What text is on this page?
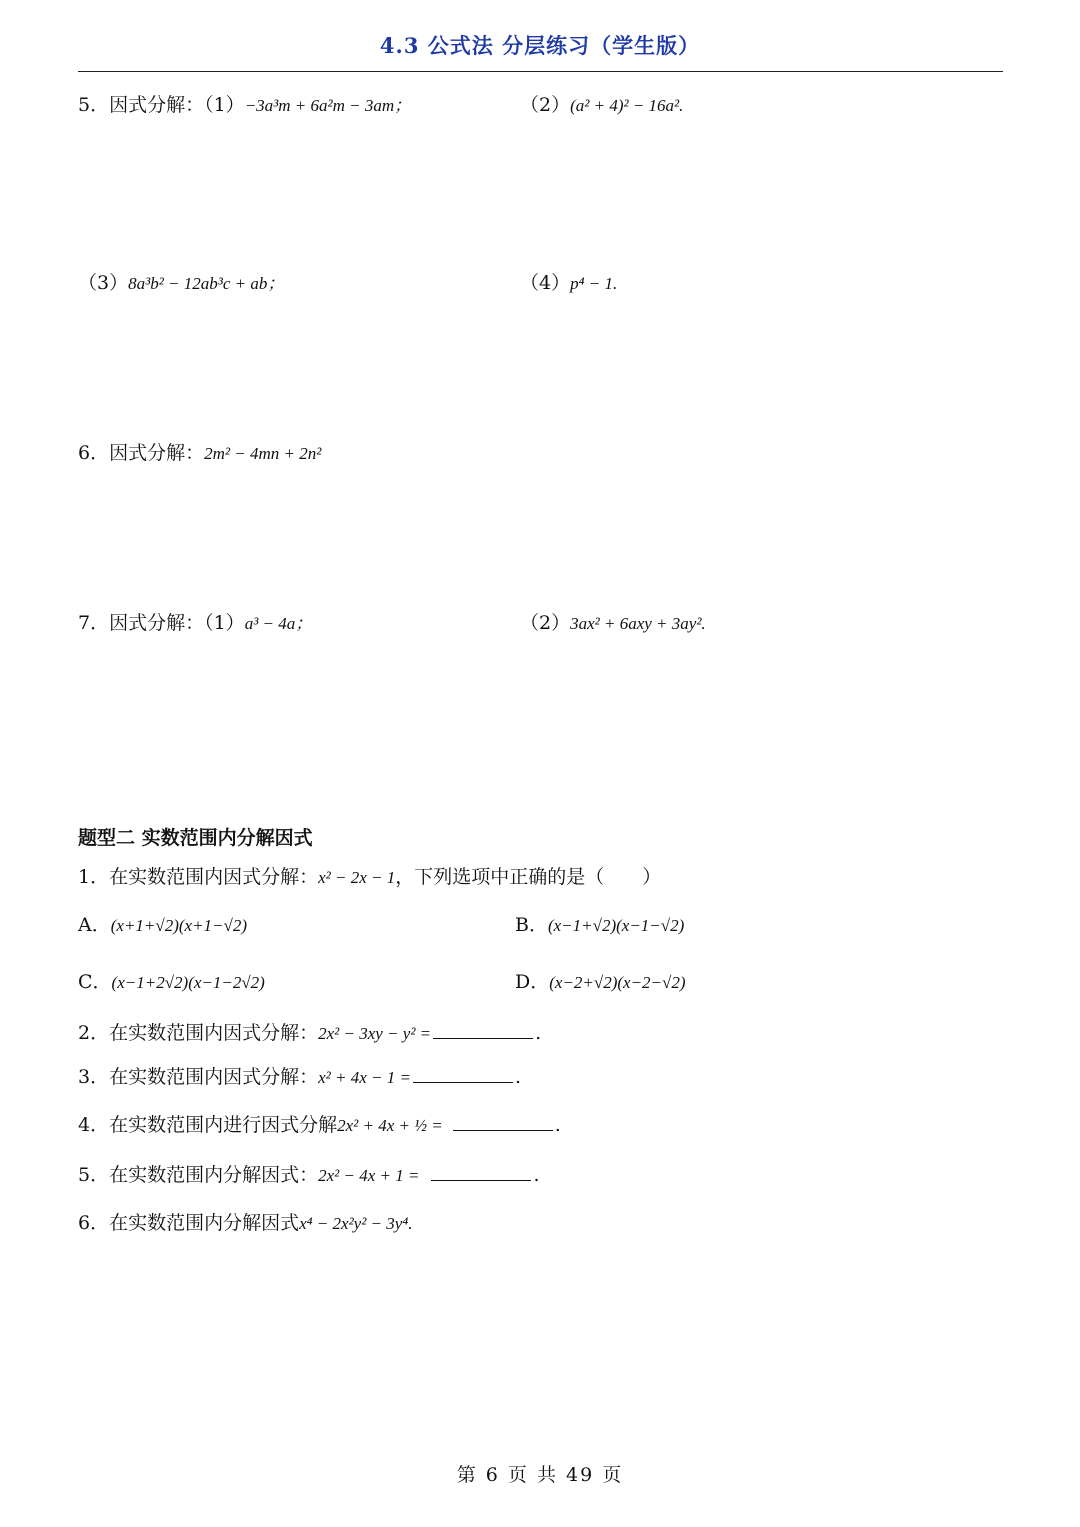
4.3 公式法 分层练习（学生版）
5．因式分解：（1）−3a³m + 6a²m − 3am；	（2）(a² + 4)² − 16a².
（3）8a³b² − 12ab³c + ab；	（4）p⁴ − 1.
6．因式分解：2m² − 4mn + 2n²
7．因式分解：（1）a³ − 4a；	（2）3ax² + 6axy + 3ay².
题型二 实数范围内分解因式
1．在实数范围内因式分解：x² − 2x − 1，下列选项中正确的是（　　）
A．(x+1+√2)(x+1−√2)	B．(x−1+√2)(x−1−√2)
C．(x−1+2√2)(x−1−2√2)	D．(x−2+√2)(x−2−√2)
2．在实数范围内因式分解：2x² − 3xy − y² =	.
3．在实数范围内因式分解：x² + 4x − 1 =	.
4．在实数范围内进行因式分解2x² + 4x + ½ =	.
5．在实数范围内分解因式：2x² − 4x + 1 =	.
6．在实数范围内分解因式x⁴ − 2x²y² − 3y⁴.
第 6 页 共 49 页
